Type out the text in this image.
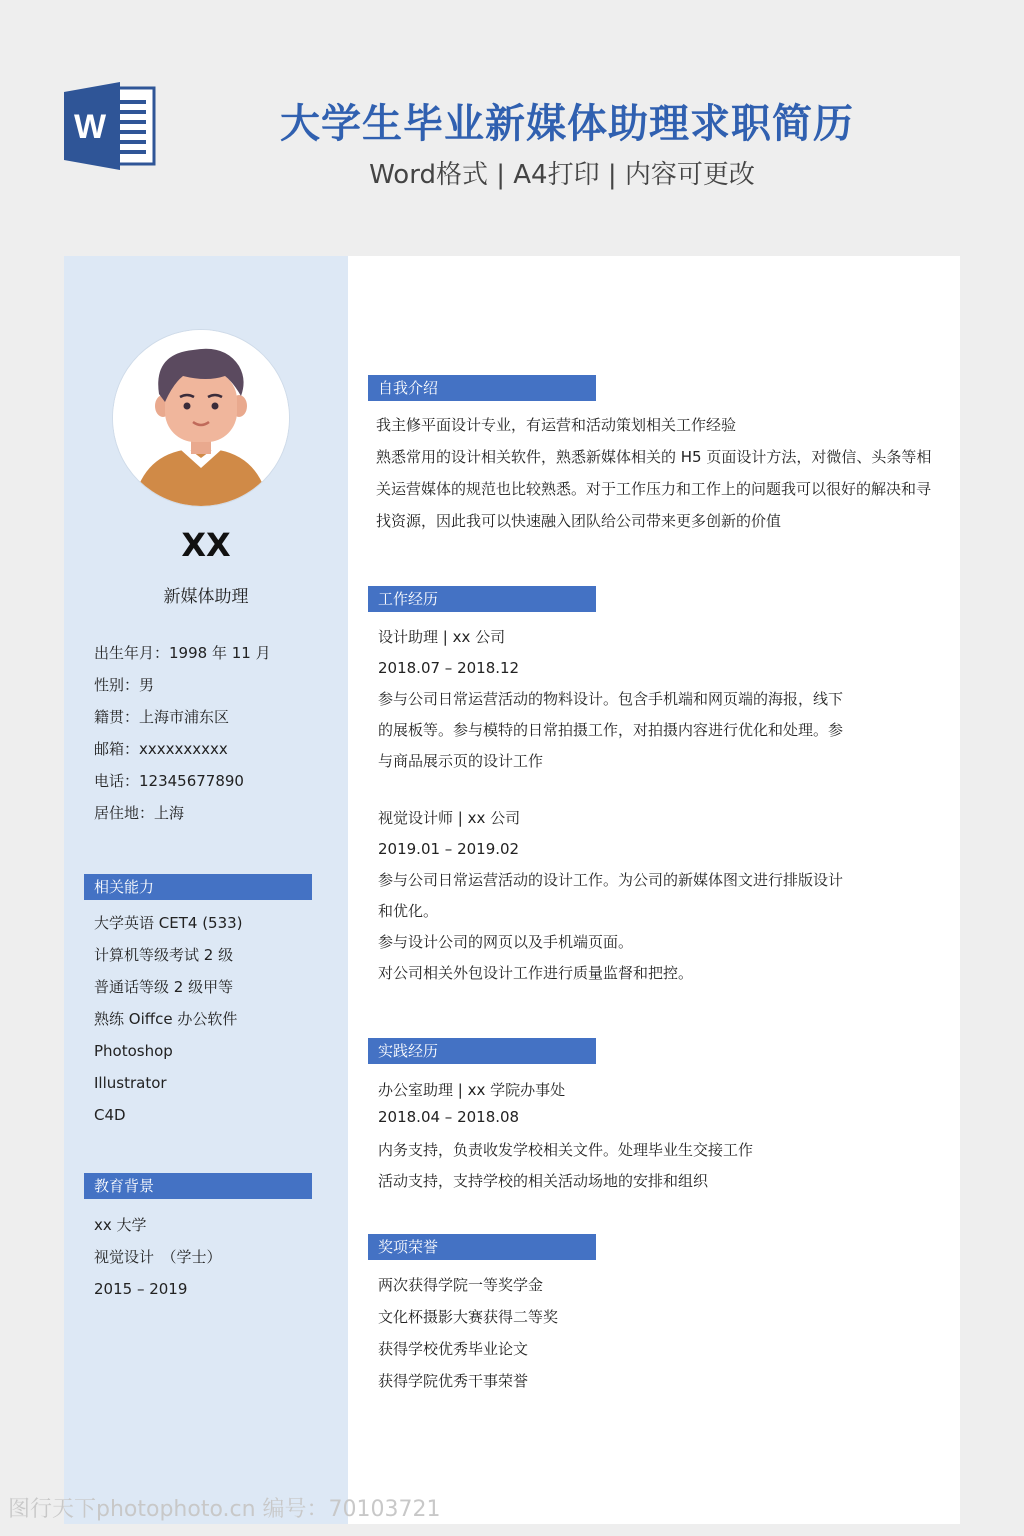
W	大学生毕业新媒体助理求职简历
Word格式 | A4打印 | 内容可更改
XX
新媒体助理
出生年月：1998 年 11 月
性别：男
籍贯：上海市浦东区
邮箱：xxxxxxxxxx
电话：12345677890
居住地：上海
相关能力
大学英语 CET4 (533)
计算机等级考试 2 级
普通话等级 2 级甲等
熟练 Oiffce 办公软件
Photoshop
Illustrator
C4D
教育背景
xx 大学
视觉设计　（学士）
2015 – 2019
自我介绍
我主修平面设计专业，有运营和活动策划相关工作经验
熟悉常用的设计相关软件，熟悉新媒体相关的 H5 页面设计方法，对微信、头条等相
关运营媒体的规范也比较熟悉。对于工作压力和工作上的问题我可以很好的解决和寻
找资源，因此我可以快速融入团队给公司带来更多创新的价值
工作经历
设计助理 | xx 公司
2018.07 – 2018.12
参与公司日常运营活动的物料设计。包含手机端和网页端的海报，线下
的展板等。参与模特的日常拍摄工作，对拍摄内容进行优化和处理。参
与商品展示页的设计工作
视觉设计师 | xx 公司
2019.01 – 2019.02
参与公司日常运营活动的设计工作。为公司的新媒体图文进行排版设计
和优化。
参与设计公司的网页以及手机端页面。
对公司相关外包设计工作进行质量监督和把控。
实践经历
办公室助理 | xx 学院办事处
2018.04 – 2018.08
内务支持，负责收发学校相关文件。处理毕业生交接工作
活动支持，支持学校的相关活动场地的安排和组织
奖项荣誉
两次获得学院一等奖学金
文化杯摄影大赛获得二等奖
获得学校优秀毕业论文
获得学院优秀干事荣誉
图行天下photophoto.cn 编号：70103721
